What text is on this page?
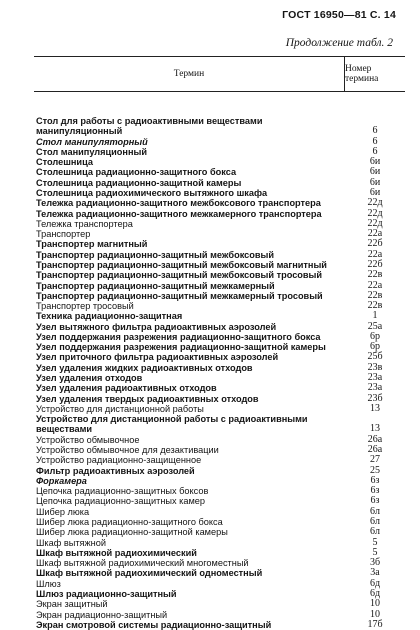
ГОСТ 16950—81 С. 14
Продолжение табл. 2
Термин	Номер термина
Стол для работы с радиоактивными веществами манипуляционный	6
Стол манипуляторный	6
Стол манипуляционный	6
Столешница	6и
Столешница радиационно-защитного бокса	6и
Столешница радиационно-защитной камеры	6и
Столешница радиохимического вытяжного шкафа	6и
Тележка радиационно-защитного межбоксового транспортера	22д
Тележка радиационно-защитного межкамерного транспортера	22д
Тележка транспортера	22д
Транспортер	22а
Транспортер магнитный	22б
Транспортер радиационно-защитный межбоксовый	22а
Транспортер радиационно-защитный межбоксовый магнитный	22б
Транспортер радиационно-защитный межбоксовый тросовый	22в
Транспортер радиационно-защитный межкамерный	22а
Транспортер радиационно-защитный межкамерный тросовый	22в
Транспортер тросовый	22в
Техника радиационно-защитная	1
Узел вытяжного фильтра радиоактивных аэрозолей	25а
Узел поддержания разрежения радиационно-защитного бокса	6р
Узел поддержания разрежения радиационно-защитной камеры	6р
Узел приточного фильтра радиоактивных аэрозолей	25б
Узел удаления жидких радиоактивных отходов	23в
Узел удаления отходов	23а
Узел удаления радиоактивных отходов	23а
Узел удаления твердых радиоактивных отходов	23б
Устройство для дистанционной работы	13
Устройство для дистанционной работы с радиоактивными веществами	13
Устройство обмывочное	26а
Устройство обмывочное для дезактивации	26а
Устройство радиационно-защищенное	27
Фильтр радиоактивных аэрозолей	25
Форкамера	6з
Цепочка радиационно-защитных боксов	6з
Цепочка радиационно-защитных камер	6з
Шибер люка	6л
Шибер люка радиационно-защитного бокса	6л
Шибер люка радиационно-защитной камеры	6л
Шкаф вытяжной	5
Шкаф вытяжной радиохимический	5
Шкаф вытяжной радиохимический многоместный	3б
Шкаф вытяжной радиохимический одноместный	3а
Шлюз	6д
Шлюз радиационно-защитный	6д
Экран защитный	10
Экран радиационно-защитный	10
Экран смотровой системы радиационно-защитный	17б
